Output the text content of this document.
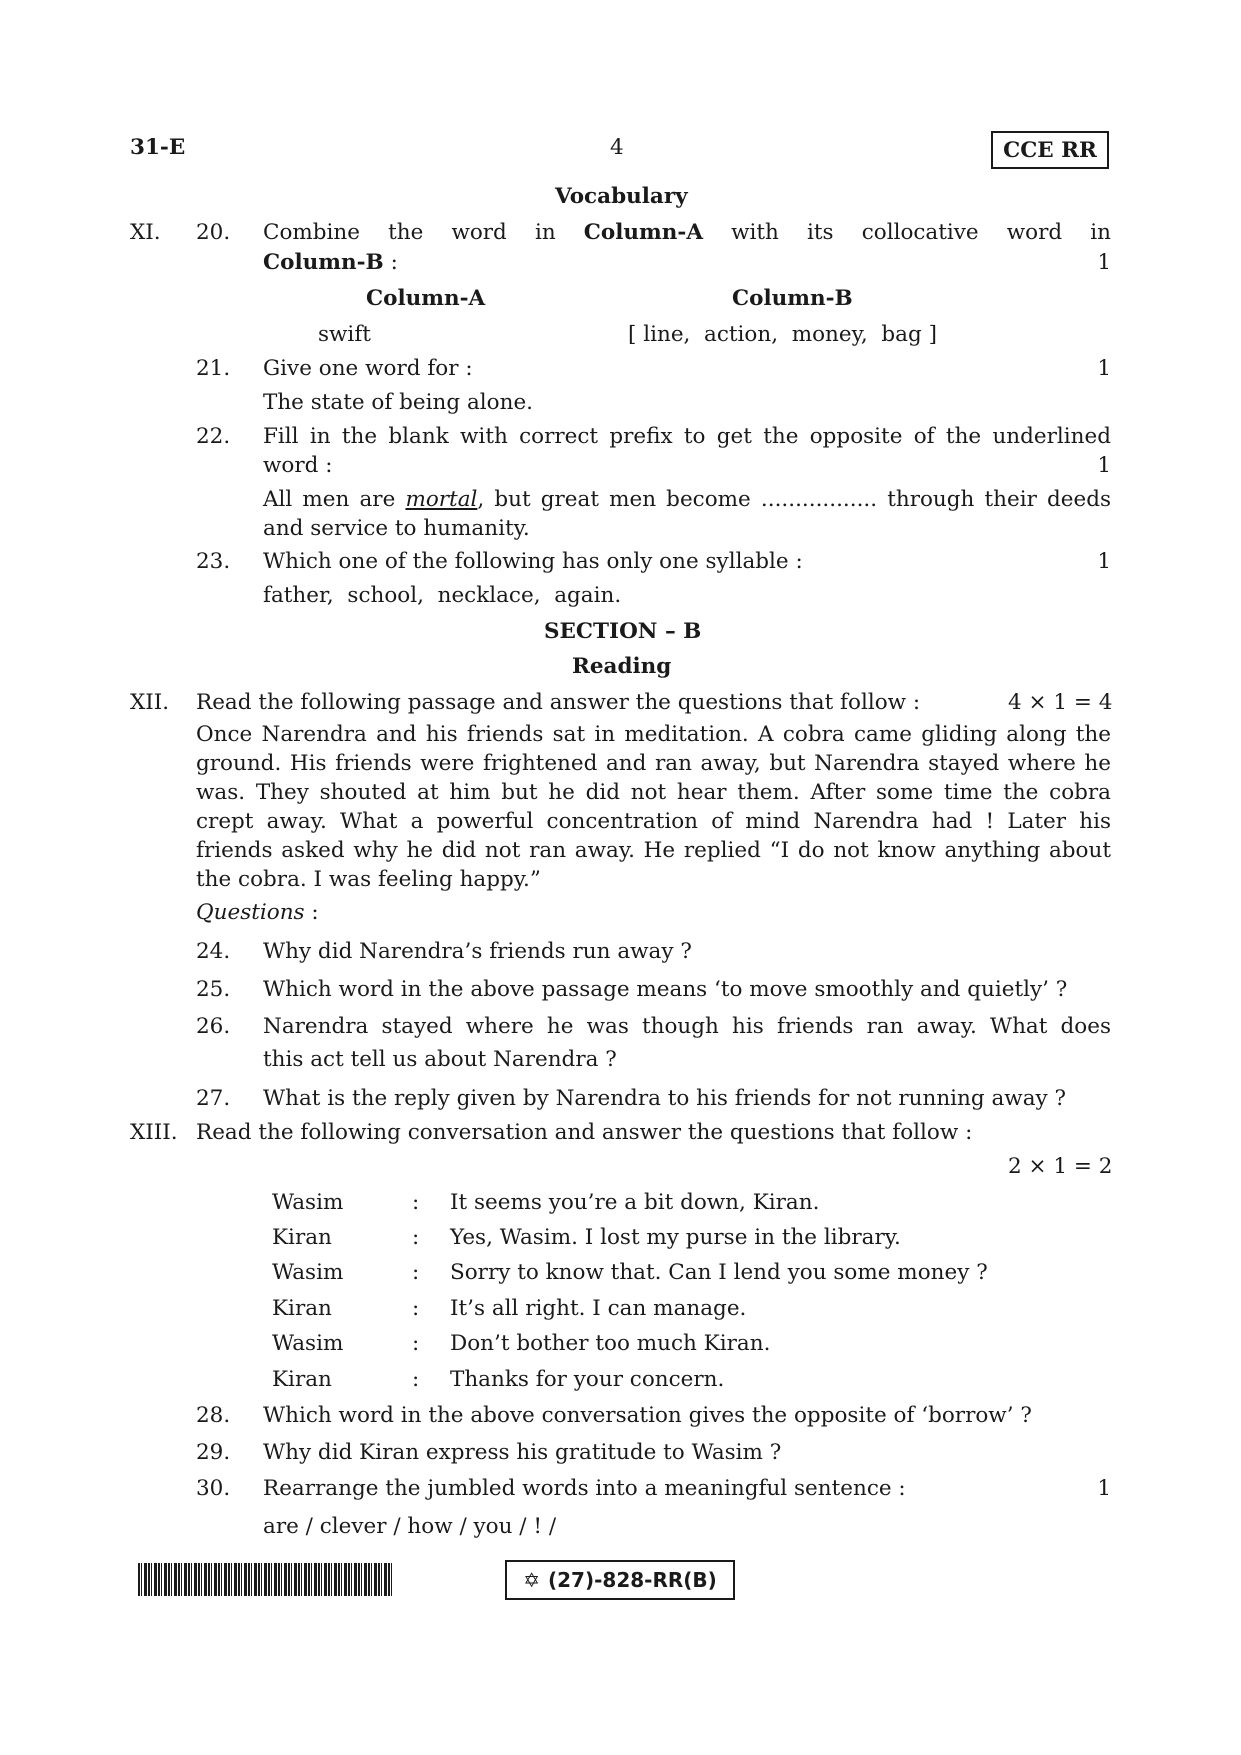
31-E	4	CCE RR
Vocabulary
XI. 20. Combine the word in Column-A with its collocative word in
Column-B :	1
Column-A	Column-B
swift	[ line,  action,  money,  bag ]
21. Give one word for :	1
The state of being alone.
22. Fill in the blank with correct prefix to get the opposite of the underlined
word :	1
All men are mortal, but great men become ................. through their deeds
and service to humanity.
23. Which one of the following has only one syllable :	1
father,  school,  necklace,  again.
SECTION – B
Reading
XII. Read the following passage and answer the questions that follow :	4 × 1 = 4
Once Narendra and his friends sat in meditation. A cobra came gliding along the
ground. His friends were frightened and ran away, but Narendra stayed where he
was. They shouted at him but he did not hear them. After some time the cobra
crept away. What a powerful concentration of mind Narendra had ! Later his
friends asked why he did not ran away. He replied “I do not know anything about
the cobra. I was feeling happy.”
Questions :
24. Why did Narendra’s friends run away ?
25. Which word in the above passage means ‘to move smoothly and quietly’ ?
26. Narendra stayed where he was though his friends ran away. What does
this act tell us about Narendra ?
27. What is the reply given by Narendra to his friends for not running away ?
XIII. Read the following conversation and answer the questions that follow :
2 × 1 = 2
Wasim	: It seems you’re a bit down, Kiran.
Kiran	: Yes, Wasim. I lost my purse in the library.
Wasim	: Sorry to know that. Can I lend you some money ?
Kiran	: It’s all right. I can manage.
Wasim	: Don’t bother too much Kiran.
Kiran	: Thanks for your concern.
28. Which word in the above conversation gives the opposite of ‘borrow’ ?
29. Why did Kiran express his gratitude to Wasim ?
30. Rearrange the jumbled words into a meaningful sentence :	1
are / clever / how / you / ! /
✡ (27)-828-RR(B)
